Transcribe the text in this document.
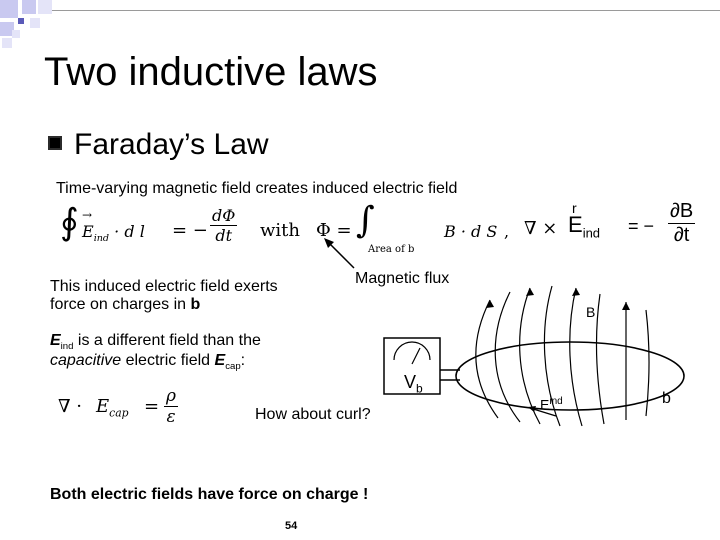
Two inductive laws
Faraday’s Law
Time-varying magnetic field creates induced electric field
∮ $E_{ind} \cdot d$ l
→
= − $\frac{d\Phi}{dt}$ with Φ = ∫
Area of b
B · d S , ∇ ×
r
$E_{ind}$ = − $\frac{\partial B}{\partial t}$
Magnetic flux
This induced electric field exerts
force on charges in b
$E_{ind}$ is a different field than the
capacitive electric field $E_{cap}$:
∇ · $E_{cap} = \frac{\rho}{\varepsilon}$
B
$V_b$
$E^{ind}$	b
How about curl?
Both electric fields have force on charge !
54
